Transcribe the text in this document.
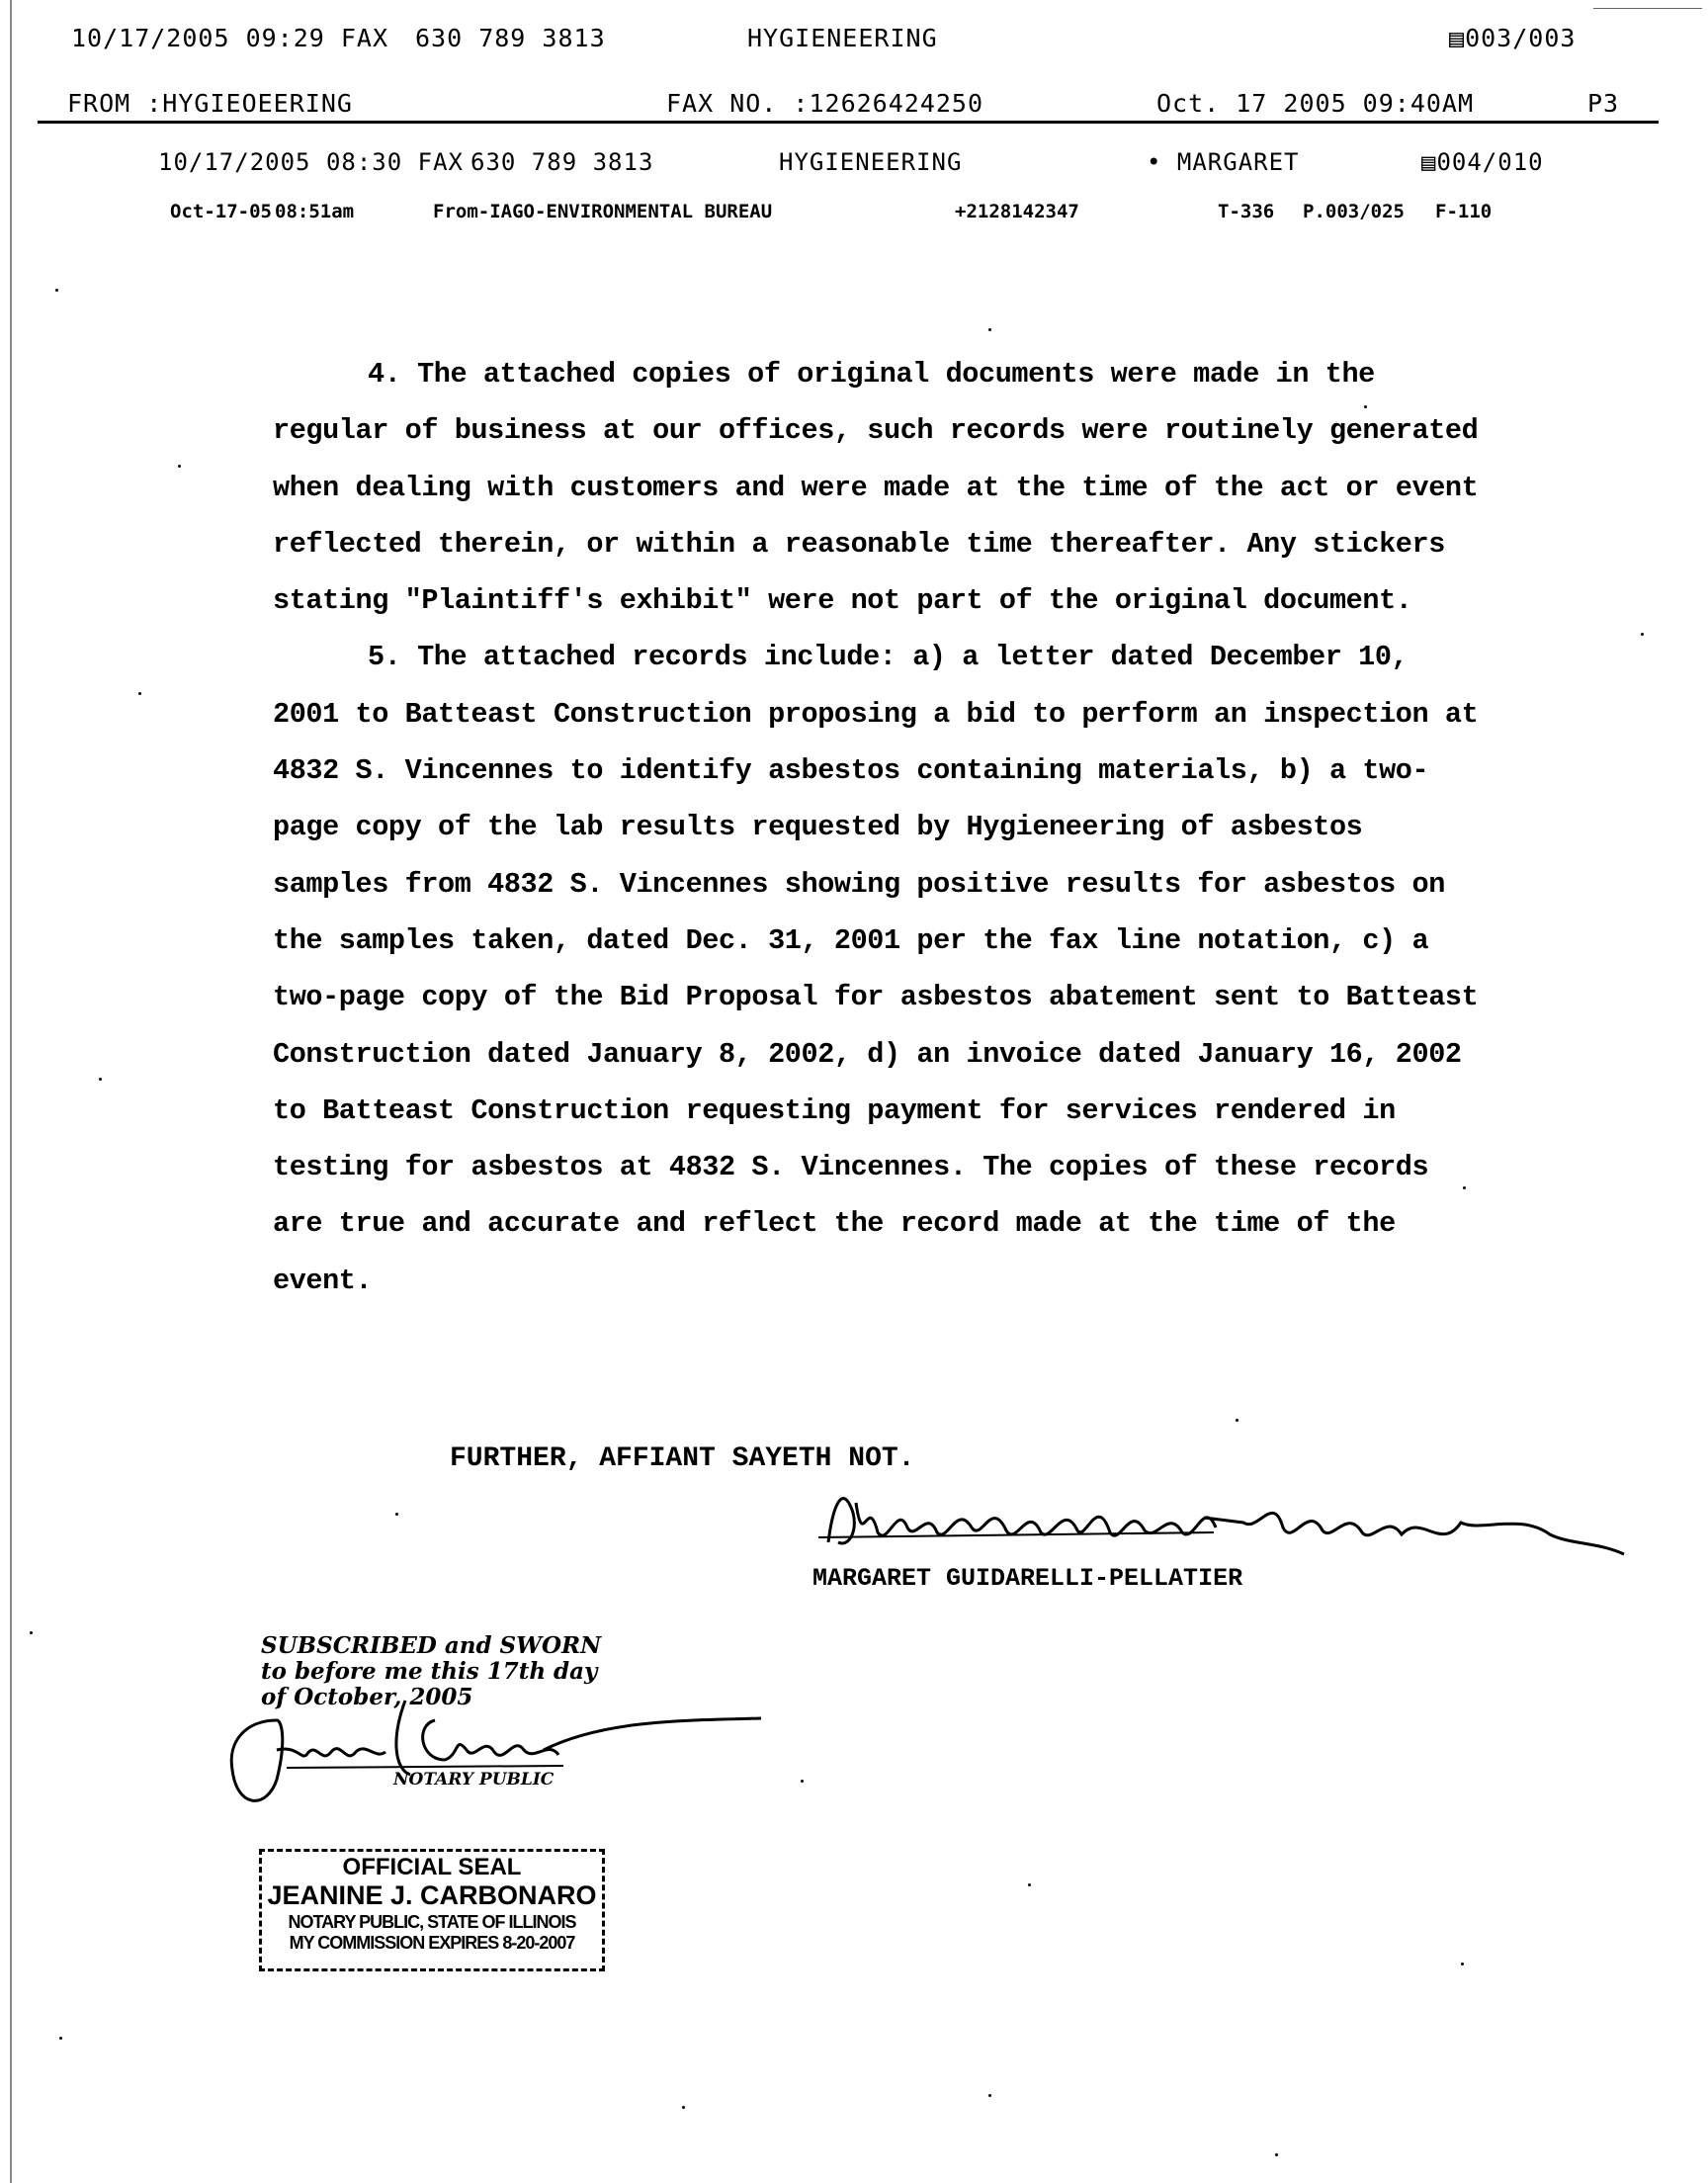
10/17/2005 09:29 FAX 630 789 3813	HYGIENEERING	▤003/003
FROM :HYGIEOEERING	FAX NO. :12626424250	Oct. 17 2005 09:40AM	P3
10/17/2005 08:30 FAX 630 789 3813	HYGIENEERING	• MARGARET	▤004/010
Oct-17-05 08:51am	From-IAGO-ENVIRONMENTAL BUREAU	+2128142347	T-336 P.003/025 F-110

4. The attached copies of original documents were made in the regular of business at our offices, such records were routinely generated when dealing with customers and were made at the time of the act or event reflected therein, or within a reasonable time thereafter. Any stickers stating "Plaintiff's exhibit" were not part of the original document.

5. The attached records include: a) a letter dated December 10, 2001 to Batteast Construction proposing a bid to perform an inspection at 4832 S. Vincennes to identify asbestos containing materials, b) a two-page copy of the lab results requested by Hygieneering of asbestos samples from 4832 S. Vincennes showing positive results for asbestos on the samples taken, dated Dec. 31, 2001 per the fax line notation, c) a two-page copy of the Bid Proposal for asbestos abatement sent to Batteast Construction dated January 8, 2002, d) an invoice dated January 16, 2002 to Batteast Construction requesting payment for services rendered in testing for asbestos at 4832 S. Vincennes. The copies of these records are true and accurate and reflect the record made at the time of the event.

FURTHER, AFFIANT SAYETH NOT.
MARGARET GUIDARELLI-PELLATIER
SUBSCRIBED and SWORN
to before me this 17th day
of October, 2005
NOTARY PUBLIC
OFFICIAL SEAL
JEANINE J. CARBONARO
NOTARY PUBLIC, STATE OF ILLINOIS
MY COMMISSION EXPIRES 8-20-2007
